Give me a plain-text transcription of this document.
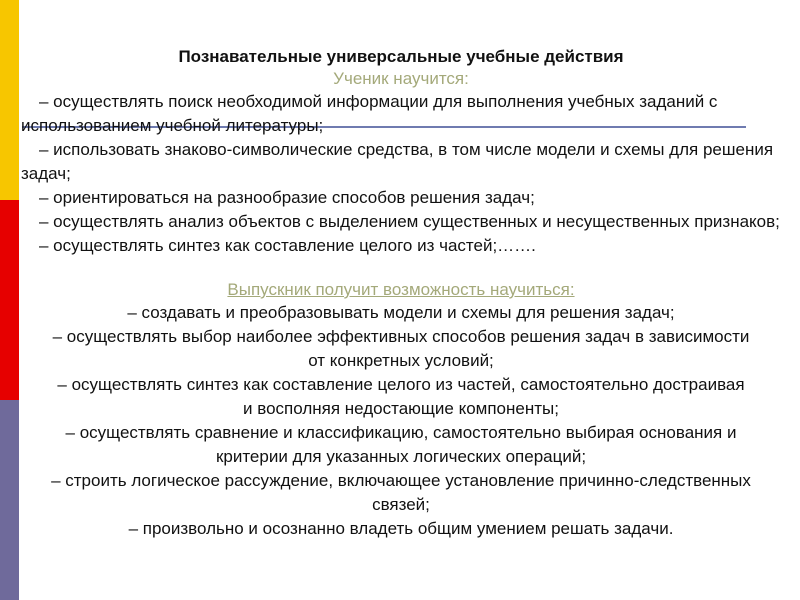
Познавательные универсальные учебные действия

Ученик научится:

– осуществлять поиск необходимой информации для выполнения учебных заданий с использованием учебной литературы;
– использовать знаково-символические средства, в том числе модели и схемы для решения задач;
– ориентироваться на разнообразие способов решения задач;
– осуществлять анализ объектов с выделением существенных и несущественных признаков;
– осуществлять синтез как составление целого из частей;…….

Выпускник получит возможность научиться:

– создавать и преобразовывать модели и схемы для решения задач;
– осуществлять выбор наиболее эффективных способов решения задач в зависимости от конкретных условий;
– осуществлять синтез как составление целого из частей, самостоятельно достраивая и восполняя недостающие компоненты;
– осуществлять сравнение и классификацию, самостоятельно выбирая основания и критерии для указанных логических операций;
– строить логическое рассуждение, включающее установление причинно-следственных связей;
– произвольно и осознанно владеть общим умением решать задачи.
